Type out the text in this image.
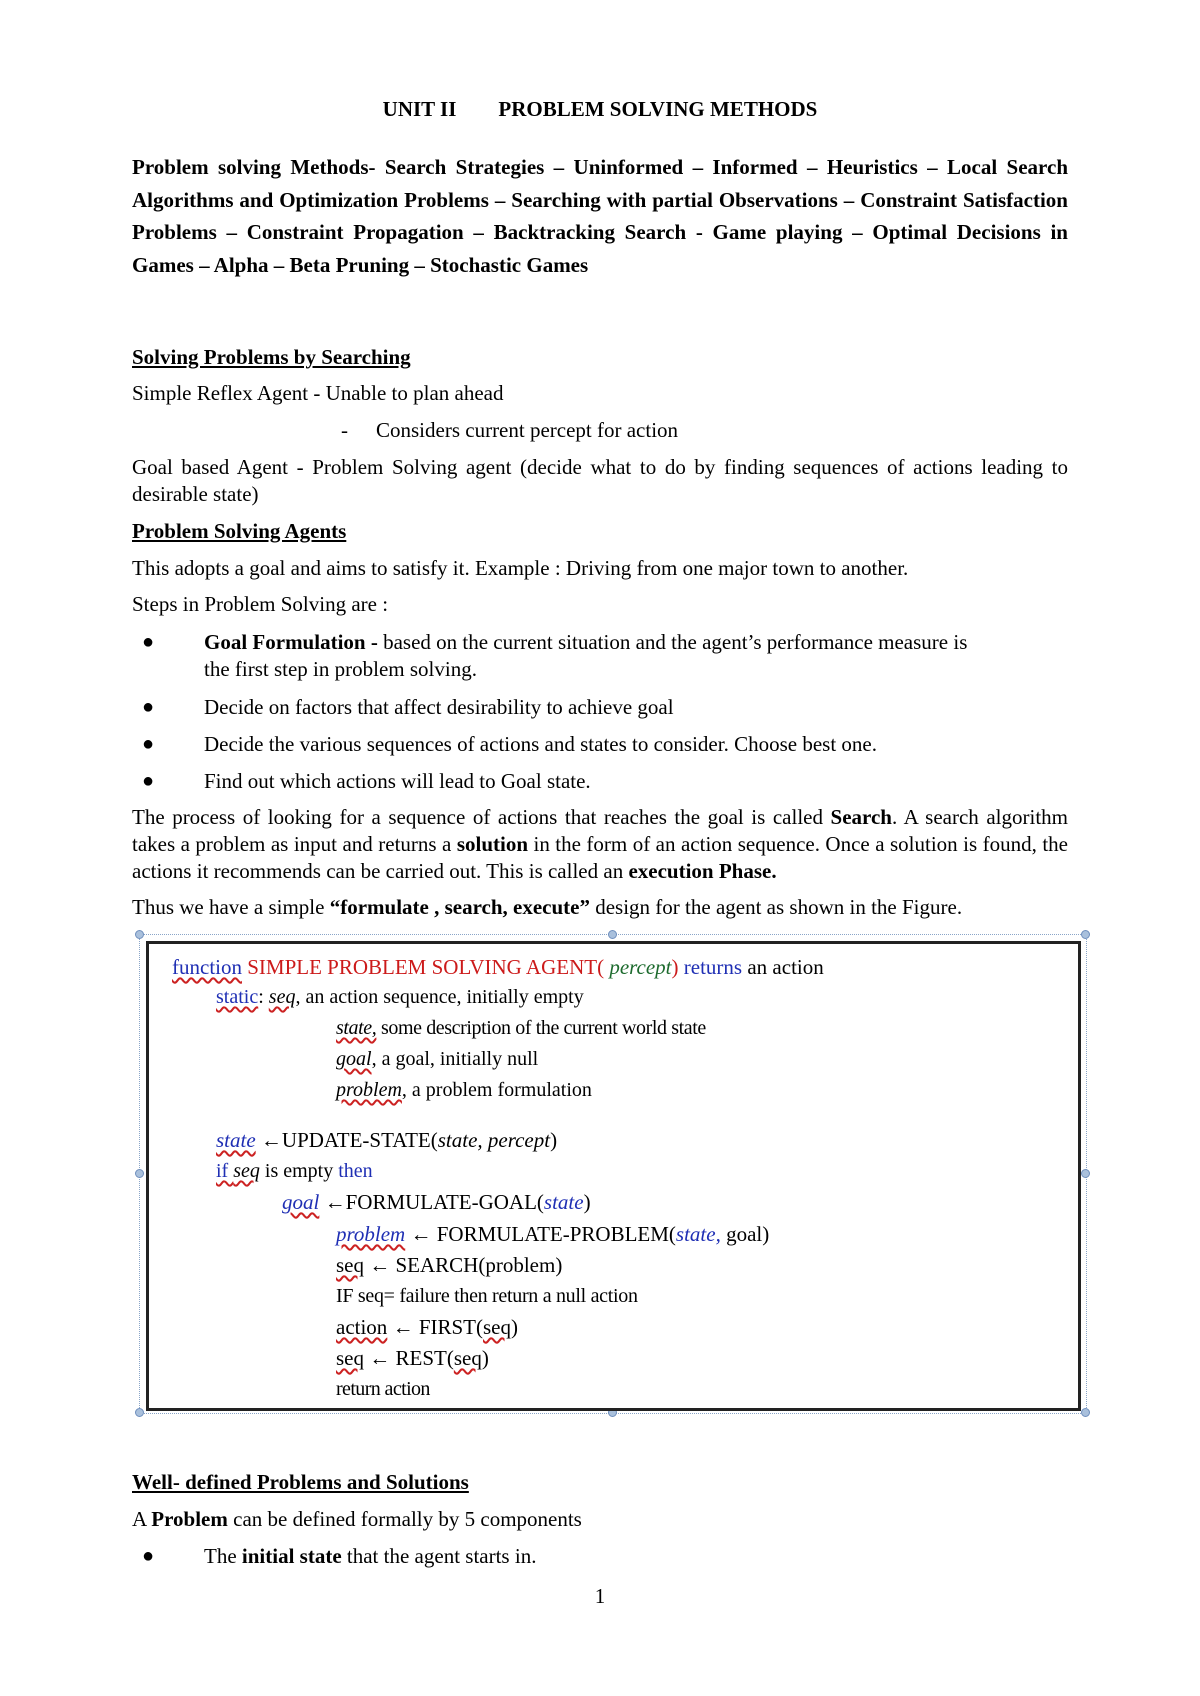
UNIT II PROBLEM SOLVING METHODS
Problem solving Methods- Search Strategies – Uninformed – Informed – Heuristics – Local Search Algorithms and Optimization Problems – Searching with partial Observations – Constraint Satisfaction Problems – Constraint Propagation – Backtracking Search - Game playing – Optimal Decisions in Games – Alpha – Beta Pruning – Stochastic Games
Solving Problems by Searching
Simple Reflex Agent - Unable to plan ahead
- Considers current percept for action
Goal based Agent - Problem Solving agent (decide what to do by finding sequences of actions leading to desirable state)
Problem Solving Agents
This adopts a goal and aims to satisfy it. Example : Driving from one major town to another.
Steps in Problem Solving are :
●	Goal Formulation - based on the current situation and the agent’s performance measure is
the first step in problem solving.
●	Decide on factors that affect desirability to achieve goal
●	Decide the various sequences of actions and states to consider. Choose best one.
●	Find out which actions will lead to Goal state.
The process of looking for a sequence of actions that reaches the goal is called Search. A search algorithm takes a problem as input and returns a solution in the form of an action sequence. Once a solution is found, the actions it recommends can be carried out. This is called an execution Phase.
Thus we have a simple “formulate , search, execute” design for the agent as shown in the Figure.
function SIMPLE PROBLEM SOLVING AGENT( percept) returns an action
static: seq, an action sequence, initially empty
state, some description of the current world state
goal, a goal, initially null
problem, a problem formulation
state ←UPDATE-STATE(state, percept)
if seq is empty then
goal ←FORMULATE-GOAL(state)
problem ← FORMULATE-PROBLEM(state, goal)
seq ← SEARCH(problem)
IF seq= failure then return a null action
action ← FIRST(seq)
seq ← REST(seq)
return action
Well- defined Problems and Solutions
A Problem can be defined formally by 5 components
●	The initial state that the agent starts in.
1
